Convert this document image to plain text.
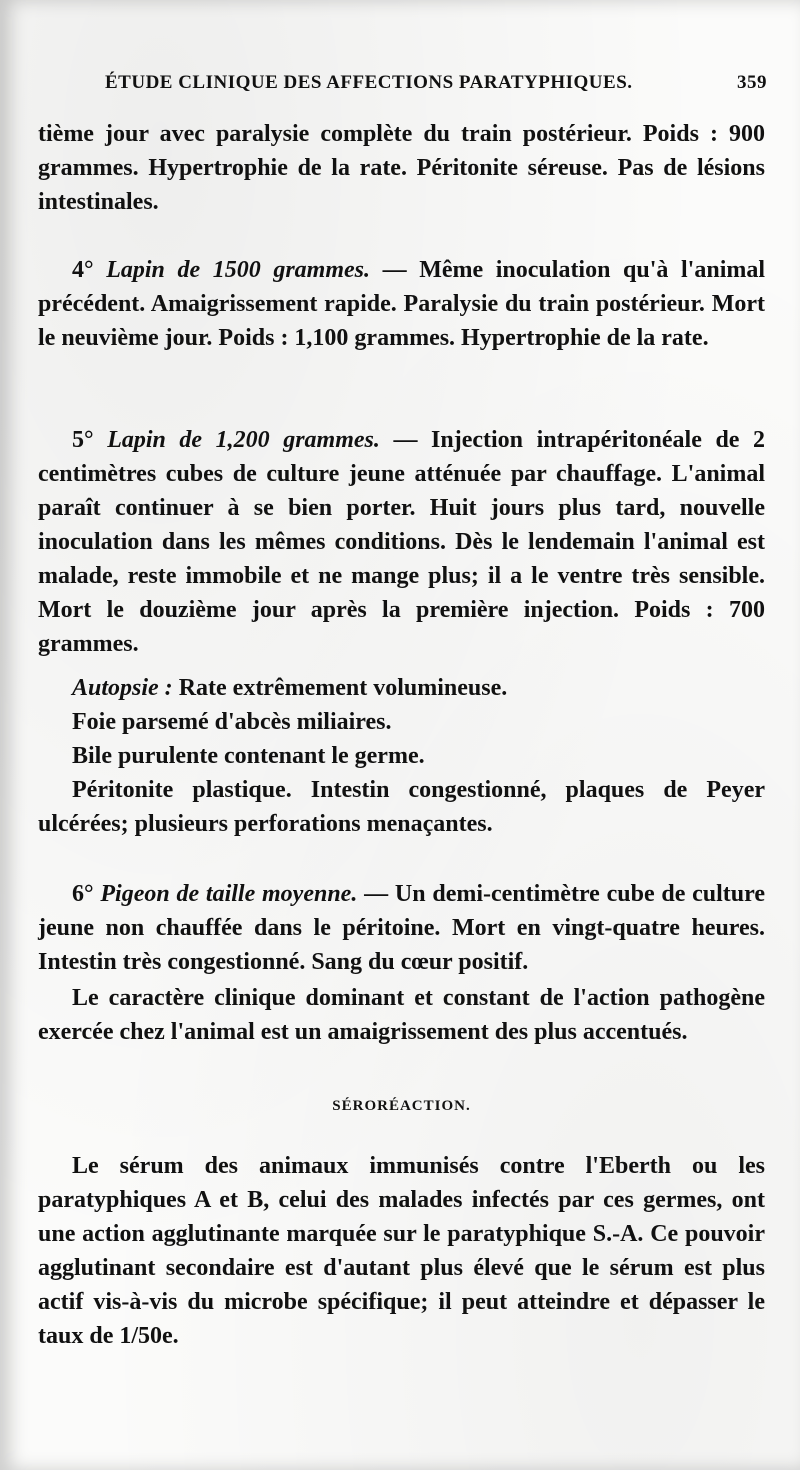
ÉTUDE CLINIQUE DES AFFECTIONS PARATYPHIQUES.	359

tième jour avec paralysie complète du train postérieur. Poids : 900 grammes. Hypertrophie de la rate. Péritonite séreuse. Pas de lésions intestinales.

4° Lapin de 1500 grammes. — Même inoculation qu'à l'animal précédent. Amaigrissement rapide. Paralysie du train postérieur. Mort le neuvième jour. Poids : 1,100 grammes. Hypertrophie de la rate.

5° Lapin de 1,200 grammes. — Injection intrapéritonéale de 2 centimètres cubes de culture jeune atténuée par chauffage. L'animal paraît continuer à se bien porter. Huit jours plus tard, nouvelle inoculation dans les mêmes conditions. Dès le lendemain l'animal est malade, reste immobile et ne mange plus; il a le ventre très sensible. Mort le douzième jour après la première injection. Poids : 700 grammes.

Autopsie : Rate extrêmement volumineuse.

Foie parsemé d'abcès miliaires.

Bile purulente contenant le germe.

Péritonite plastique. Intestin congestionné, plaques de Peyer ulcérées; plusieurs perforations menaçantes.

6° Pigeon de taille moyenne. — Un demi-centimètre cube de culture jeune non chauffée dans le péritoine. Mort en vingt-quatre heures. Intestin très congestionné. Sang du cœur positif.

Le caractère clinique dominant et constant de l'action pathogène exercée chez l'animal est un amaigrissement des plus accentués.

SÉRORÉACTION.

Le sérum des animaux immunisés contre l'Eberth ou les paratyphiques A et B, celui des malades infectés par ces germes, ont une action agglutinante marquée sur le paratyphique S.-A. Ce pouvoir agglutinant secondaire est d'autant plus élevé que le sérum est plus actif vis-à-vis du microbe spécifique; il peut atteindre et dépasser le taux de 1/50e.
